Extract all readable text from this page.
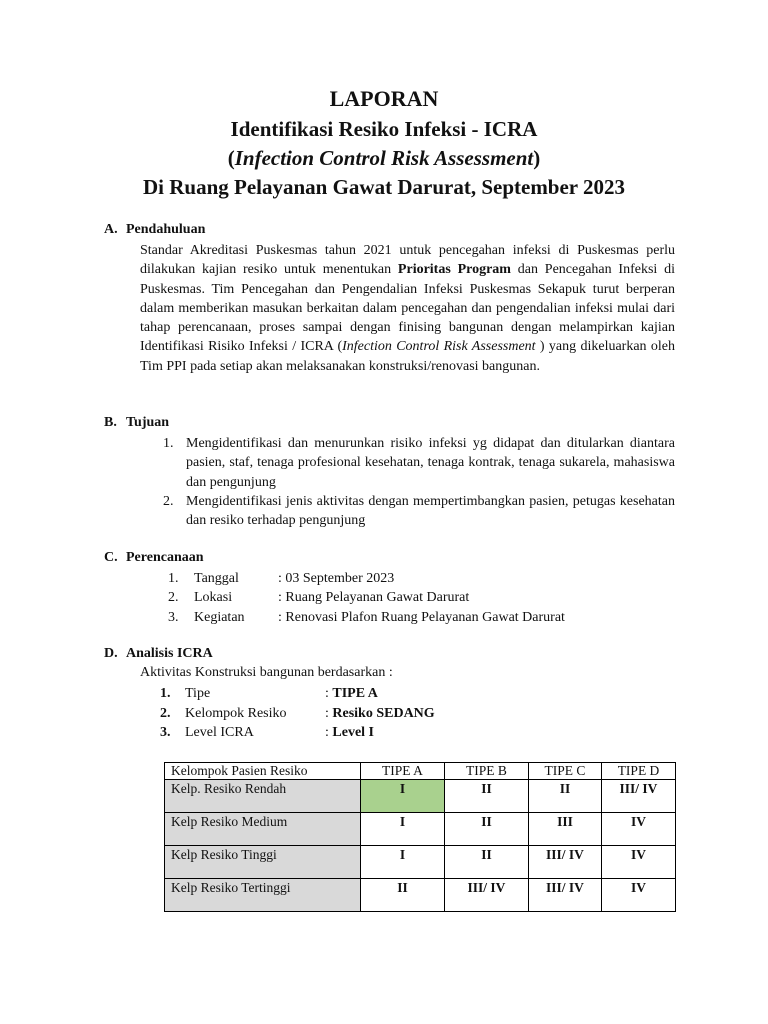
LAPORAN
Identifikasi Resiko Infeksi - ICRA
(Infection Control Risk Assessment)
Di Ruang Pelayanan Gawat Darurat, September 2023
A. Pendahuluan

Standar Akreditasi Puskesmas tahun 2021 untuk pencegahan infeksi di Puskesmas perlu dilakukan kajian resiko untuk menentukan Prioritas Program dan Pencegahan Infeksi di Puskesmas. Tim Pencegahan dan Pengendalian Infeksi Puskesmas Sekapuk turut berperan dalam memberikan masukan berkaitan dalam pencegahan dan pengendalian infeksi mulai dari tahap perencanaan, proses sampai dengan finising bangunan dengan melampirkan kajian Identifikasi Risiko Infeksi / ICRA (Infection Control Risk Assessment ) yang dikeluarkan oleh Tim PPI pada setiap akan melaksanakan konstruksi/renovasi bangunan.

B. Tujuan
1. Mengidentifikasi dan menurunkan risiko infeksi yg didapat dan ditularkan diantara pasien, staf, tenaga profesional kesehatan, tenaga kontrak, tenaga sukarela, mahasiswa dan pengunjung
2. Mengidentifikasi jenis aktivitas dengan mempertimbangkan pasien, petugas kesehatan dan resiko terhadap pengunjung
C. Perencanaan
1. Tanggal	: 03 September 2023
2. Lokasi	: Ruang Pelayanan Gawat Darurat
3. Kegiatan : Renovasi Plafon Ruang Pelayanan Gawat Darurat
D. Analisis ICRA
Aktivitas Konstruksi bangunan berdasarkan :
1. Tipe	: TIPE A
2. Kelompok Resiko	: Resiko SEDANG
3. Level ICRA	: Level I
Kelompok Pasien Resiko	TIPE A	TIPE B	TIPE C	TIPE D
Kelp. Resiko Rendah	I	II	II	III/ IV
Kelp Resiko Medium	I	II	III	IV
Kelp Resiko Tinggi	I	II	III/ IV	IV
Kelp Resiko Tertinggi	II	III/ IV	III/ IV	IV
